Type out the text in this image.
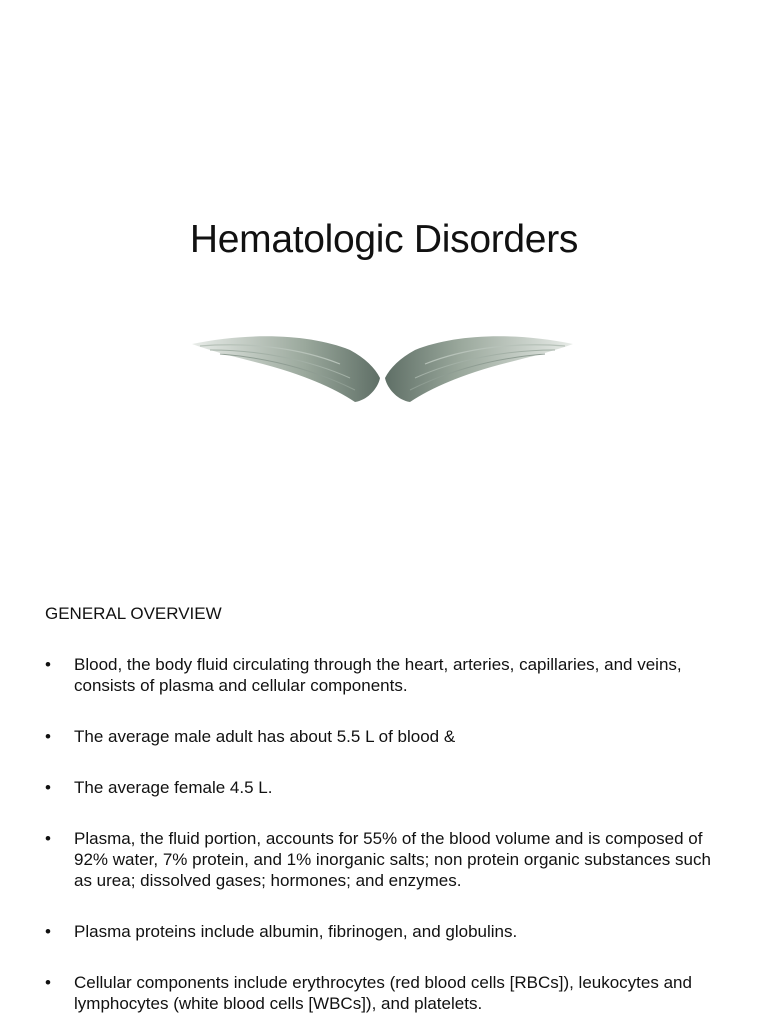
Hematologic Disorders
GENERAL OVERVIEW
• Blood, the body fluid circulating through the heart, arteries, capillaries, and veins, consists of plasma and cellular components.
• The average male adult has about 5.5 L of blood &
• The average female 4.5 L.
• Plasma, the fluid portion, accounts for 55% of the blood volume and is composed of 92% water, 7% protein, and 1% inorganic salts; non protein organic substances such as urea; dissolved gases; hormones; and enzymes.
• Plasma proteins include albumin, fibrinogen, and globulins.
• Cellular components include erythrocytes (red blood cells [RBCs]), leukocytes and lymphocytes (white blood cells [WBCs]), and platelets.
